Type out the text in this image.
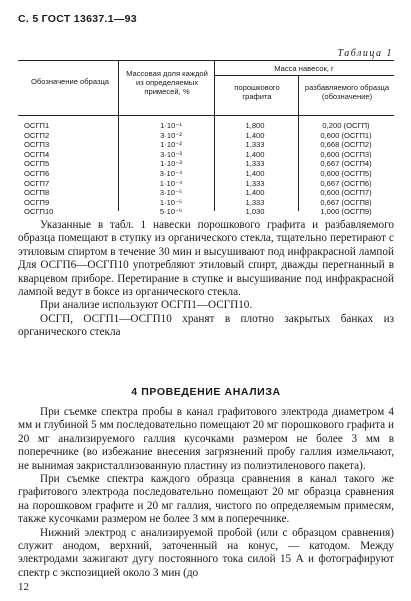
С. 5 ГОСТ 13637.1—93
Таблица 1
Обозначение образца
Массовая доля каждой из определяемых примесей, %
Масса навесок, г
порошкового графита
разбавляемого образца (обозначение)
ОСГП1	1·10⁻¹	1,800	0,200 (ОСГП)
ОСГП2	3·10⁻²	1,400	0,600 (ОСГП1)
ОСГП3	1·10⁻²	1,333	0,668 (ОСГП2)
ОСГП4	3·10⁻³	1,400	0,600 (ОСГП3)
ОСГП5	1·10⁻³	1,333	0,667 (ОСГП4)
ОСГП6	3·10⁻⁴	1,400	0,600 (ОСГП5)
ОСГП7	1·10⁻⁴	1,333	0,667 (ОСГП6)
ОСГП8	3·10⁻⁵	1,400	0,600 (ОСГП7)
ОСГП9	1·10⁻⁵	1,333	0,667 (ОСГП8)
ОСГП10	5·10⁻⁶	1,030	1,000 (ОСГП9)

Указанные в табл. 1 навески порошкового графита и разбавляемого образца помещают в ступку из органического стекла, тщательно перетирают с этиловым спиртом в течение 30 мин и высушивают под инфракрасной лампой Для ОСГП6—ОСГП10 употребляют этиловый спирт, дважды перегнанный в кварцевом приборе. Перетирание в ступке и высушивание под инфракрасной лампой ведут в боксе из органического стекла.

При анализе используют ОСГП1—ОСГП10.

ОСГП, ОСГП1—ОСГП10 хранят в плотно закрытых банках из органического стекла

4 ПРОВЕДЕНИЕ АНАЛИЗА

При съемке спектра пробы в канал графитового электрода диаметром 4 мм и глубиной 5 мм последовательно помещают 20 мг порошкового графита и 20 мг анализируемого галлия кусочками размером не более 3 мм в поперечнике (во избежание внесения загрязнений пробу галлия измельчают, не вынимая закристаллизованную пластину из полиэтиленового пакета).

При съемке спектра каждого образца сравнения в канал такого же графитового электрода последовательно помещают 20 мг образца сравнения на порошковом графите и 20 мг галлия, чистого по определяемым примесям, также кусочками размером не более 3 мм в поперечнике.

Нижний электрод с анализируемой пробой (или с образцом сравнения) служит анодом, верхний, заточенный на конус, — катодом. Между электродами зажигают дугу постоянного тока силой 15 А и фотографируют спектр с экспозицией около 3 мин (до

12
